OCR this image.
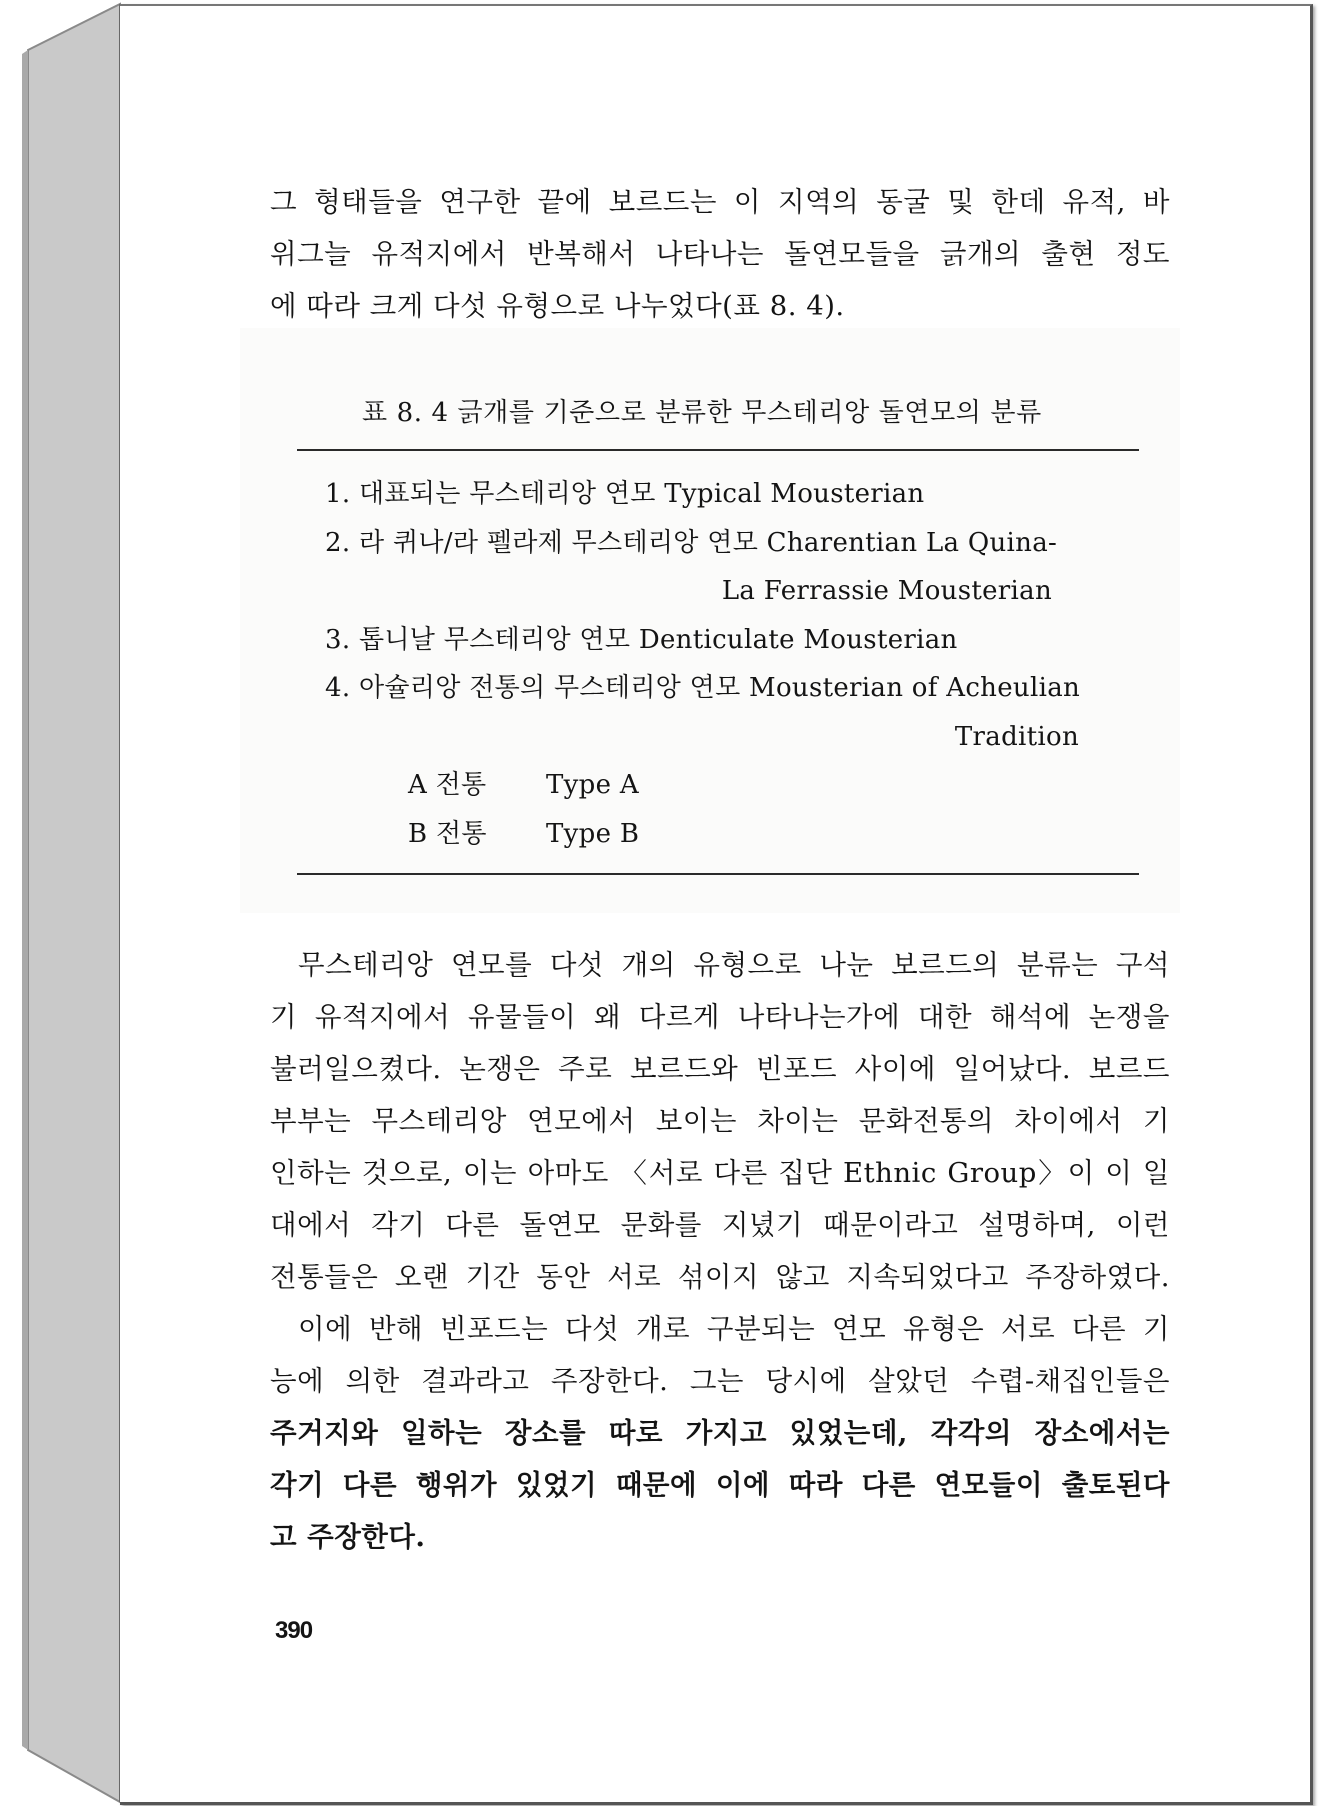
그 형태들을 연구한 끝에 보르드는 이 지역의 동굴 및 한데 유적, 바
위그늘 유적지에서 반복해서 나타나는 돌연모들을 긁개의 출현 정도
에 따라 크게 다섯 유형으로 나누었다(표 8. 4).
표 8. 4 긁개를 기준으로 분류한 무스테리앙 돌연모의 분류
1. 대표되는 무스테리앙 연모 Typical Mousterian
2. 라 퀴나/라 펠라제 무스테리앙 연모 Charentian La Quina-
La Ferrassie Mousterian
3. 톱니날 무스테리앙 연모 Denticulate Mousterian
4. 아슐리앙 전통의 무스테리앙 연모 Mousterian of Acheulian
Tradition
A 전통 Type A
B 전통 Type B
무스테리앙 연모를 다섯 개의 유형으로 나눈 보르드의 분류는 구석
기 유적지에서 유물들이 왜 다르게 나타나는가에 대한 해석에 논쟁을
불러일으켰다. 논쟁은 주로 보르드와 빈포드 사이에 일어났다. 보르드
부부는 무스테리앙 연모에서 보이는 차이는 문화전통의 차이에서 기
인하는 것으로, 이는 아마도 〈서로 다른 집단 Ethnic Group〉이 이 일
대에서 각기 다른 돌연모 문화를 지녔기 때문이라고 설명하며, 이런
전통들은 오랜 기간 동안 서로 섞이지 않고 지속되었다고 주장하였다.
이에 반해 빈포드는 다섯 개로 구분되는 연모 유형은 서로 다른 기
능에 의한 결과라고 주장한다. 그는 당시에 살았던 수렵-채집인들은
주거지와 일하는 장소를 따로 가지고 있었는데, 각각의 장소에서는
각기 다른 행위가 있었기 때문에 이에 따라 다른 연모들이 출토된다
고 주장한다.
390
